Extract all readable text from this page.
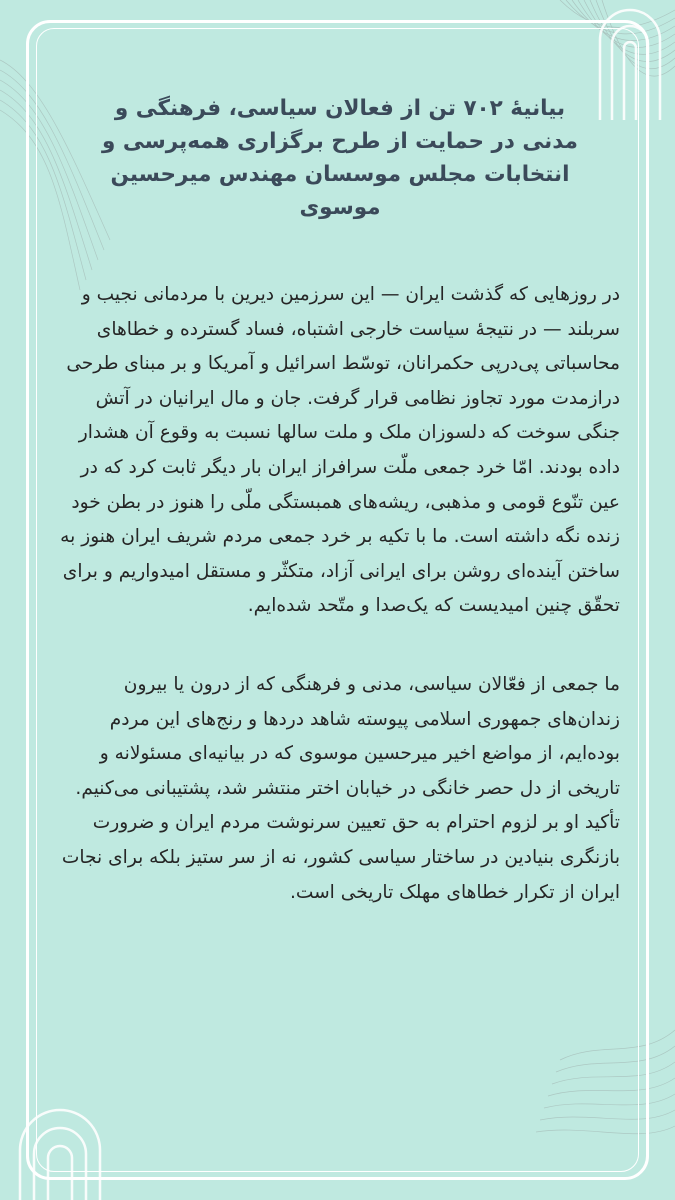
بیانیهٔ ۷۰۲ تن از فعالان سیاسی، فرهنگی و مدنی در حمایت از طرح برگزاری همه‌پرسی و انتخابات مجلس موسسان مهندس میرحسین موسوی

در روزهایی که گذشت ایران — این سرزمین دیرین با مردمانی نجیب و سربلند — در نتیجهٔ سیاست خارجی اشتباه، فساد گسترده و خطاهای محاسباتی پی‌درپی حکمرانان، توسّط اسرائیل و آمریکا و بر مبنای طرحی درازمدت مورد تجاوز نظامی قرار گرفت. جان و مال ایرانیان در آتش جنگی سوخت که دلسوزان ملک و ملت سالها نسبت به وقوع آن هشدار داده بودند. امّا خرد جمعی ملّت سرافراز ایران بار دیگر ثابت کرد که در عین تنّوع قومی و مذهبی، ریشه‌های همبستگی ملّی را هنوز در بطن خود زنده نگه داشته است. ما با تکیه بر خرد جمعی مردم شریف ایران هنوز به ساختن آینده‌ای روشن برای ایرانی آزاد، متکثّر و مستقل امیدواریم و برای تحقّق چنین امیدیست که یک‌صدا و متّحد شده‌ایم.

ما جمعی از فعّالان سیاسی، مدنی و فرهنگی که از درون یا بیرون زندان‌های جمهوری اسلامی پیوسته شاهد دردها و رنج‌های این مردم بوده‌ایم، از مواضع اخیر میرحسین موسوی که در بیانیه‌ای مسئولانه و تاریخی از دل حصر خانگی در خیابان اختر منتشر شد، پشتیبانی می‌کنیم. تأکید او بر لزوم احترام به حق تعیین سرنوشت مردم ایران و ضرورت بازنگری بنیادین در ساختار سیاسی کشور، نه از سر ستیز بلکه برای نجات ایران از تکرار خطاهای مهلک تاریخی است.
